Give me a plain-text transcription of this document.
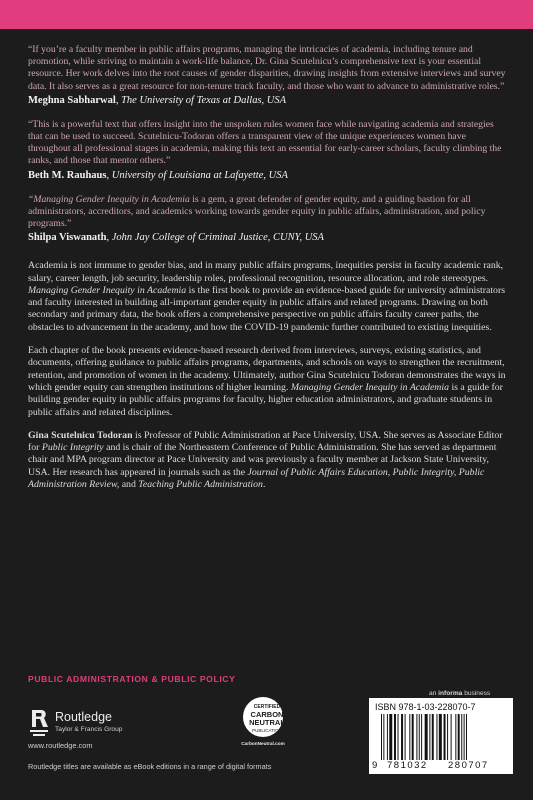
“If you’re a faculty member in public affairs programs, managing the intricacies of academia, including tenure and promotion, while striving to maintain a work-life balance, Dr. Gina Scutelnicu’s comprehensive text is your essential resource. Her work delves into the root causes of gender disparities, drawing insights from extensive interviews and survey data. It also serves as a great resource for non-tenure track faculty, and those who want to advance to administrative roles.”

Meghna Sabharwal, The University of Texas at Dallas, USA

“This is a powerful text that offers insight into the unspoken rules women face while navigating academia and strategies that can be used to succeed. Scutelnicu-Todoran offers a transparent view of the unique experiences women have throughout all professional stages in academia, making this text an essential for early-career scholars, faculty climbing the ranks, and those that mentor others.”

Beth M. Rauhaus, University of Louisiana at Lafayette, USA

“Managing Gender Inequity in Academia is a gem, a great defender of gender equity, and a guiding bastion for all administrators, accreditors, and academics working towards gender equity in public affairs, administration, and policy programs.”

Shilpa Viswanath, John Jay College of Criminal Justice, CUNY, USA

Academia is not immune to gender bias, and in many public affairs programs, inequities persist in faculty academic rank, salary, career length, job security, leadership roles, professional recognition, resource allocation, and role stereotypes. Managing Gender Inequity in Academia is the first book to provide an evidence-based guide for university administrators and faculty interested in building all-important gender equity in public affairs and related programs. Drawing on both secondary and primary data, the book offers a comprehensive perspective on public affairs faculty career paths, the obstacles to advancement in the academy, and how the COVID-19 pandemic further contributed to existing inequities.

Each chapter of the book presents evidence-based research derived from interviews, surveys, existing statistics, and documents, offering guidance to public affairs programs, departments, and schools on ways to strengthen the recruitment, retention, and promotion of women in the academy. Ultimately, author Gina Scutelnicu Todoran demonstrates the ways in which gender equity can strengthen institutions of higher learning. Managing Gender Inequity in Academia is a guide for building gender equity in public affairs programs for faculty, higher education administrators, and graduate students in public affairs and related disciplines.

Gina Scutelnicu Todoran is Professor of Public Administration at Pace University, USA. She serves as Associate Editor for Public Integrity and is chair of the Northeastern Conference of Public Administration. She has served as department chair and MPA program director at Pace University and was previously a faculty member at Jackson State University, USA. Her research has appeared in journals such as the Journal of Public Affairs Education, Public Integrity, Public Administration Review, and Teaching Public Administration.

PUBLIC ADMINISTRATION & PUBLIC POLICY
Routledge
Taylor & Francis Group
www.routledge.com
Routledge titles are available as eBook editions in a range of digital formats
CERTIFIED
CARBON NEUTRAL
PUBLICATION
CarbonNeutral.com
an informa business
ISBN 978-1-03-228070-7
9 781032 280707
